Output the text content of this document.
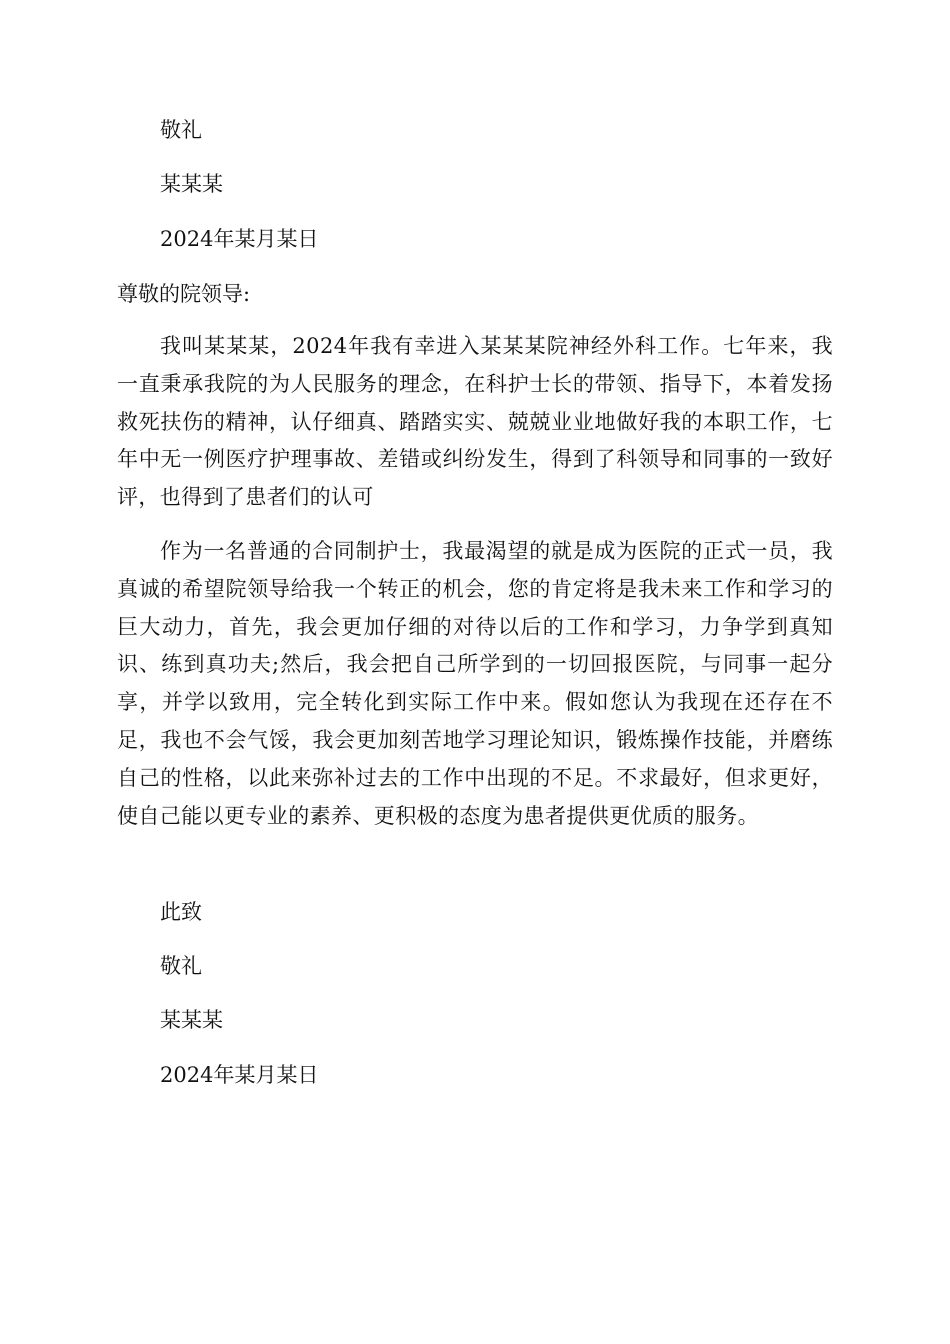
敬礼
某某某
2024年某月某日
尊敬的院领导:
我叫某某某，2024年我有幸进入某某某院神经外科工作。七年来，我一直秉承我院的为人民服务的理念，在科护士长的带领、指导下，本着发扬救死扶伤的精神，认仔细真、踏踏实实、兢兢业业地做好我的本职工作，七年中无一例医疗护理事故、差错或纠纷发生，得到了科领导和同事的一致好评，也得到了患者们的认可
作为一名普通的合同制护士，我最渴望的就是成为医院的正式一员，我真诚的希望院领导给我一个转正的机会，您的肯定将是我未来工作和学习的巨大动力，首先，我会更加仔细的对待以后的工作和学习，力争学到真知识、练到真功夫;然后，我会把自己所学到的一切回报医院，与同事一起分享，并学以致用，完全转化到实际工作中来。假如您认为我现在还存在不足，我也不会气馁，我会更加刻苦地学习理论知识，锻炼操作技能，并磨练自己的性格，以此来弥补过去的工作中出现的不足。不求最好，但求更好，使自己能以更专业的素养、更积极的态度为患者提供更优质的服务。
此致
敬礼
某某某
2024年某月某日
